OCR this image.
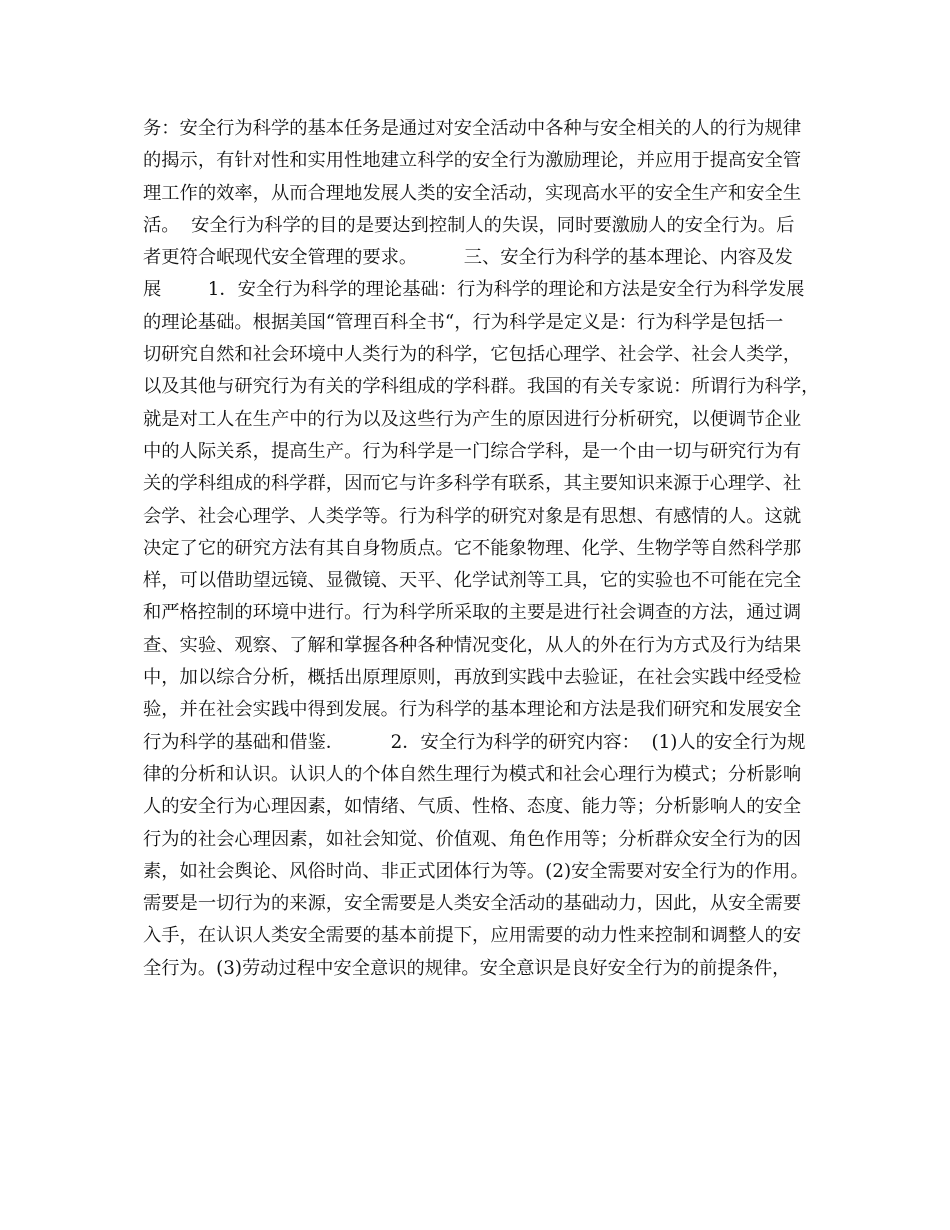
务：安全行为科学的基本任务是通过对安全活动中各种与安全相关的人的行为规律
的揭示，有针对性和实用性地建立科学的安全行为激励理论，并应用于提高安全管
理工作的效率，从而合理地发展人类的安全活动，实现高水平的安全生产和安全生
活。  安全行为科学的目的是要达到控制人的失误，同时要激励人的安全行为。后
者更符合岷现代安全管理的要求。        三、安全行为科学的基本理论、内容及发
展        1．安全行为科学的理论基础：行为科学的理论和方法是安全行为科学发展
的理论基础。根据美国“管理百科全书“，行为科学是定义是：行为科学是包括一
切研究自然和社会环境中人类行为的科学，它包括心理学、社会学、社会人类学，
以及其他与研究行为有关的学科组成的学科群。我国的有关专家说：所谓行为科学，
就是对工人在生产中的行为以及这些行为产生的原因进行分析研究，以便调节企业
中的人际关系，提高生产。行为科学是一门综合学科，是一个由一切与研究行为有
关的学科组成的科学群，因而它与许多科学有联系，其主要知识来源于心理学、社
会学、社会心理学、人类学等。行为科学的研究对象是有思想、有感情的人。这就
决定了它的研究方法有其自身物质点。它不能象物理、化学、生物学等自然科学那
样，可以借助望远镜、显微镜、天平、化学试剂等工具，它的实验也不可能在完全
和严格控制的环境中进行。行为科学所采取的主要是进行社会调查的方法，通过调
查、实验、观察、了解和掌握各种各种情况变化，从人的外在行为方式及行为结果
中，加以综合分析，概括出原理原则，再放到实践中去验证，在社会实践中经受检
验，并在社会实践中得到发展。行为科学的基本理论和方法是我们研究和发展安全
行为科学的基础和借鉴．        2．安全行为科学的研究内容：  (1)人的安全行为规
律的分析和认识。认识人的个体自然生理行为模式和社会心理行为模式；分析影响
人的安全行为心理因素，如情绪、气质、性格、态度、能力等；分析影响人的安全
行为的社会心理因素，如社会知觉、价值观、角色作用等；分析群众安全行为的因
素，如社会舆论、风俗时尚、非正式团体行为等。(2)安全需要对安全行为的作用。
需要是一切行为的来源，安全需要是人类安全活动的基础动力，因此，从安全需要
入手，在认识人类安全需要的基本前提下，应用需要的动力性来控制和调整人的安
全行为。(3)劳动过程中安全意识的规律。安全意识是良好安全行为的前提条件，
